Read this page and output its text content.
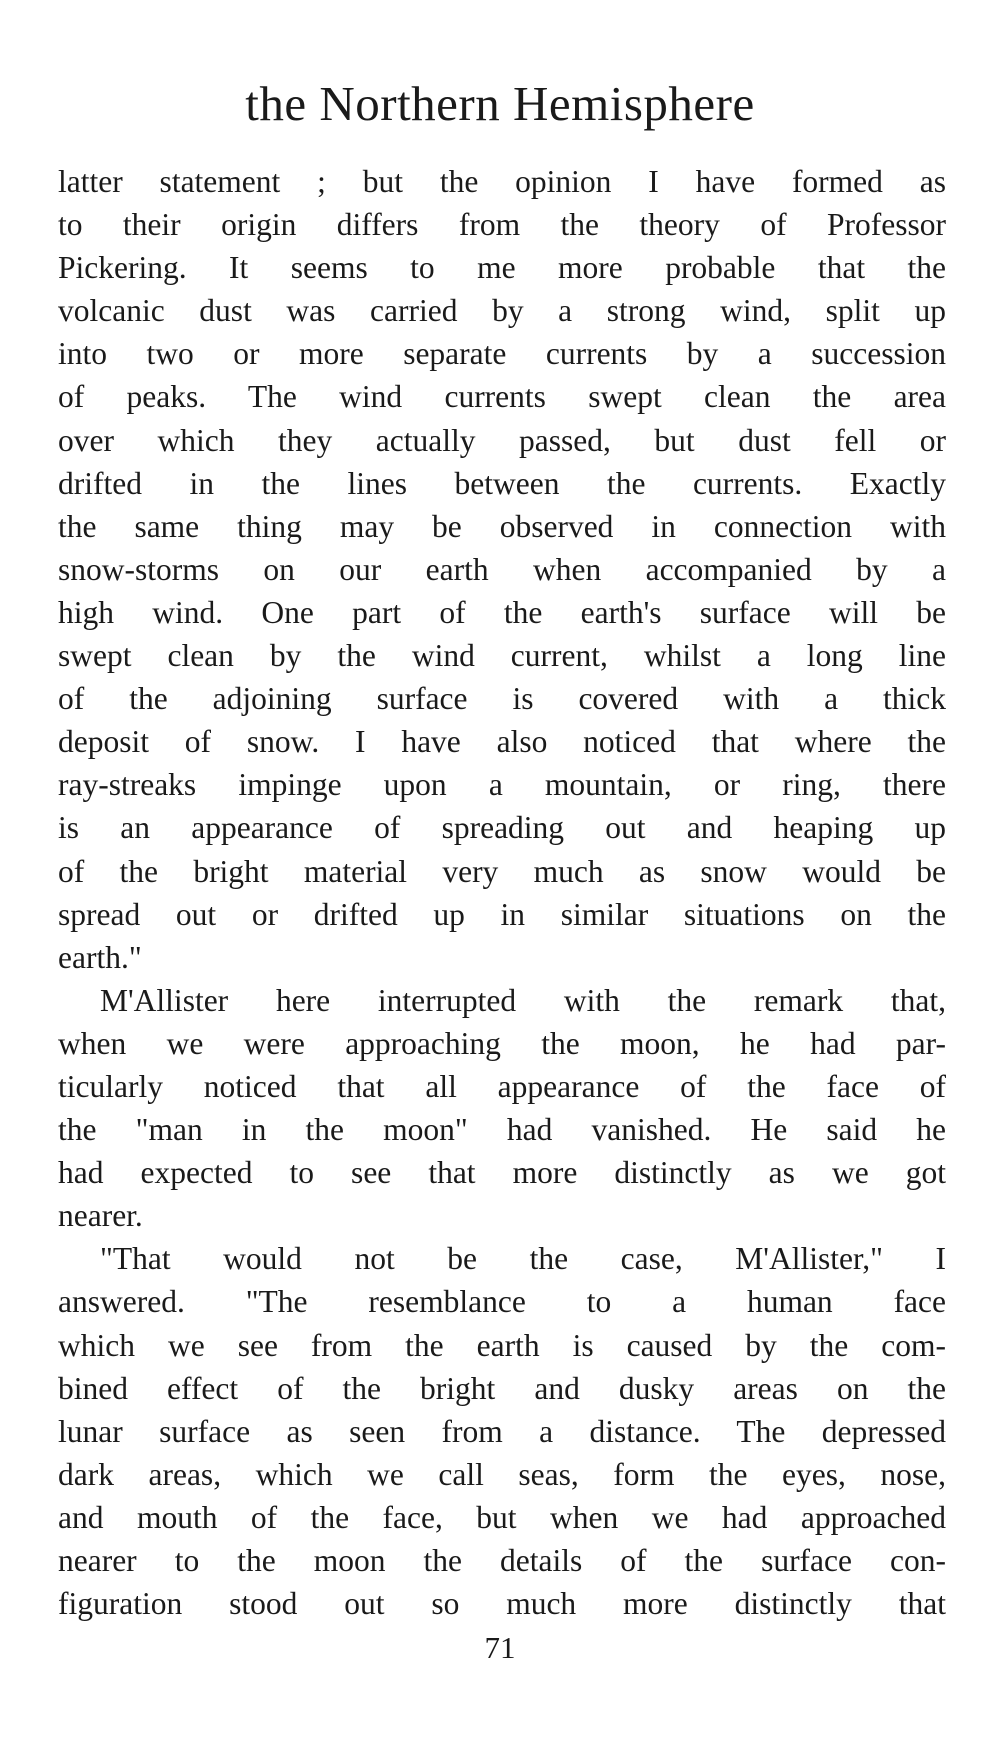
the Northern Hemisphere
latter statement ; but the opinion I have formed as
to their origin differs from the theory of Professor
Pickering. It seems to me more probable that the
volcanic dust was carried by a strong wind, split up
into two or more separate currents by a succession
of peaks. The wind currents swept clean the area
over which they actually passed, but dust fell or
drifted in the lines between the currents. Exactly
the same thing may be observed in connection with
snow-storms on our earth when accompanied by a
high wind. One part of the earth's surface will be
swept clean by the wind current, whilst a long line
of the adjoining surface is covered with a thick
deposit of snow. I have also noticed that where the
ray-streaks impinge upon a mountain, or ring, there
is an appearance of spreading out and heaping up
of the bright material very much as snow would be
spread out or drifted up in similar situations on the
earth."
M'Allister here interrupted with the remark that,
when we were approaching the moon, he had par-
ticularly noticed that all appearance of the face of
the "man in the moon" had vanished. He said he
had expected to see that more distinctly as we got
nearer.
"That would not be the case, M'Allister," I
answered. "The resemblance to a human face
which we see from the earth is caused by the com-
bined effect of the bright and dusky areas on the
lunar surface as seen from a distance. The depressed
dark areas, which we call seas, form the eyes, nose,
and mouth of the face, but when we had approached
nearer to the moon the details of the surface con-
figuration stood out so much more distinctly that
71
